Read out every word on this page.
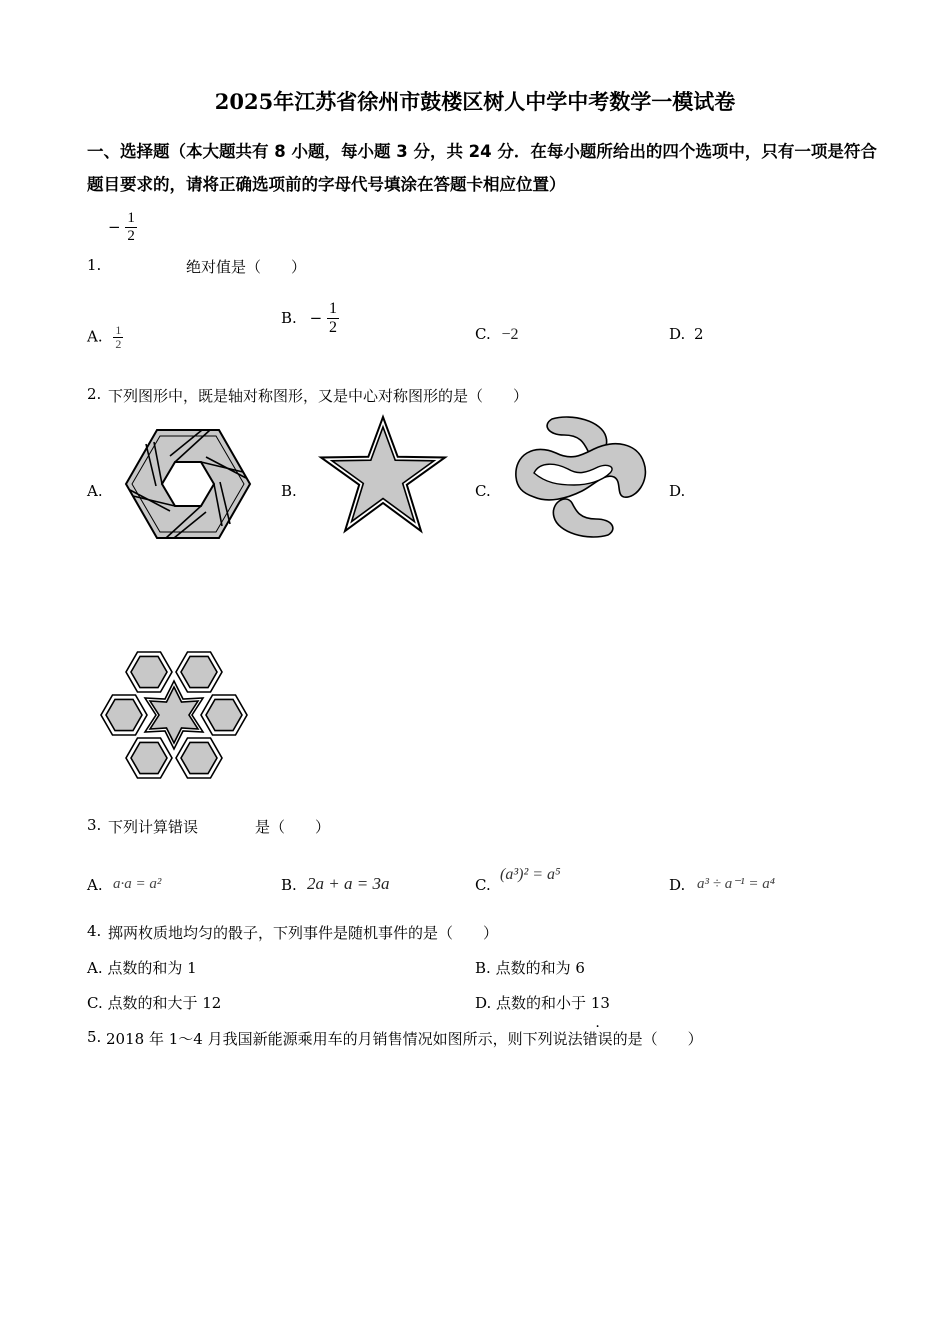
2025年江苏省徐州市鼓楼区树人中学中考数学一模试卷
一、选择题（本大题共有 8 小题，每小题 3 分，共 24 分．在每小题所给出的四个选项中，只有一项是符合题目要求的，请将正确选项前的字母代号填涂在答题卡相应位置）
− $\frac{1}{2}$
1.	绝对值是（　　）
A. $\frac{1}{2}$
B. − $\frac{1}{2}$	C. −2	D. 2
2. 下列图形中，既是轴对称图形，又是中心对称图形的是（　　）
A.	B.	C.	D.
3. 下列计算错误	是（　　）
A. a·a = a²	B. 2a + a = 3a	C.
(a³)² = a⁵
D. a³ ÷ a⁻¹ = a⁴
4. 掷两枚质地均匀的骰子，下列事件是随机事件的是（　　）
A. 点数的和为 1	B. 点数的和为 6
C. 点数的和大于 12	D. 点数的和小于 13
5. 2018 年 1～4 月我国新能源乘用车的月销售情况如图所示，则下列说法错误的是（　　）
